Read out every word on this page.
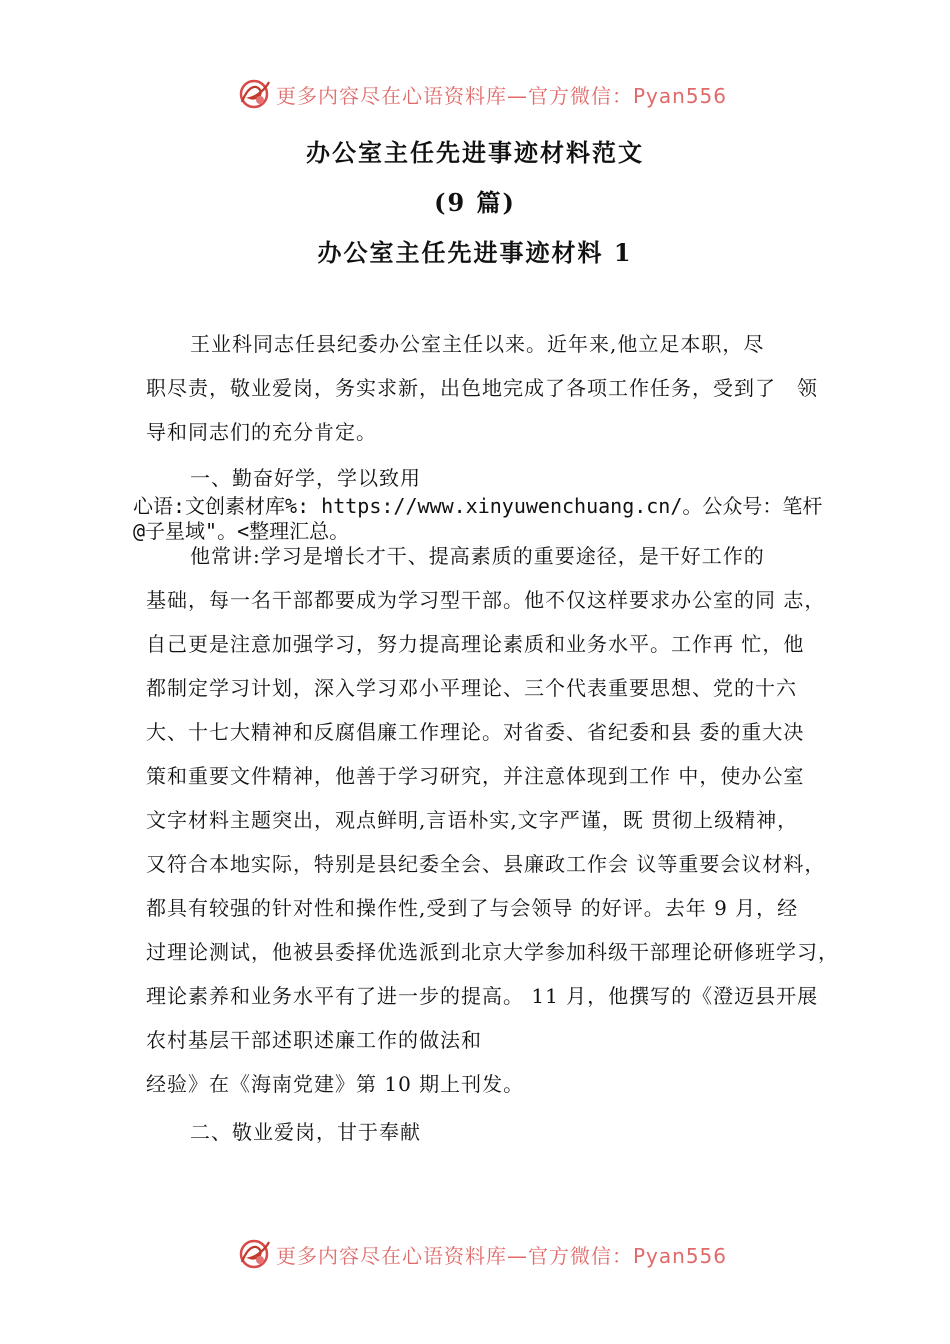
更多内容尽在心语资料库—官方微信：Pyan556
办公室主任先进事迹材料范文
(9 篇)
办公室主任先进事迹材料 1
王业科同志任县纪委办公室主任以来。近年来,他立足本职，尽
职尽责，敬业爱岗，务实求新，出色地完成了各项工作任务，受到了　领
导和同志们的充分肯定。
一、勤奋好学，学以致用
心语:文创素材库%: https://www.xinyuwenchuang.cn/。公众号：笔杆
@子星域"。<整理汇总。
他常讲:学习是增长才干、提高素质的重要途径，是干好工作的
基础，每一名干部都要成为学习型干部。他不仅这样要求办公室的同 志，
自己更是注意加强学习，努力提高理论素质和业务水平。工作再 忙，他
都制定学习计划，深入学习邓小平理论、三个代表重要思想、党的十六
大、十七大精神和反腐倡廉工作理论。对省委、省纪委和县 委的重大决
策和重要文件精神，他善于学习研究，并注意体现到工作 中，使办公室
文字材料主题突出，观点鲜明,言语朴实,文字严谨，既 贯彻上级精神，
又符合本地实际，特别是县纪委全会、县廉政工作会 议等重要会议材料，
都具有较强的针对性和操作性,受到了与会领导 的好评。去年 9 月，经
过理论测试，他被县委择优选派到北京大学参加科级干部理论研修班学习，
理论素养和业务水平有了进一步的提高。 11 月，他撰写的《澄迈县开展
农村基层干部述职述廉工作的做法和
经验》在《海南党建》第 10 期上刊发。
二、敬业爱岗，甘于奉献
更多内容尽在心语资料库—官方微信：Pyan556
